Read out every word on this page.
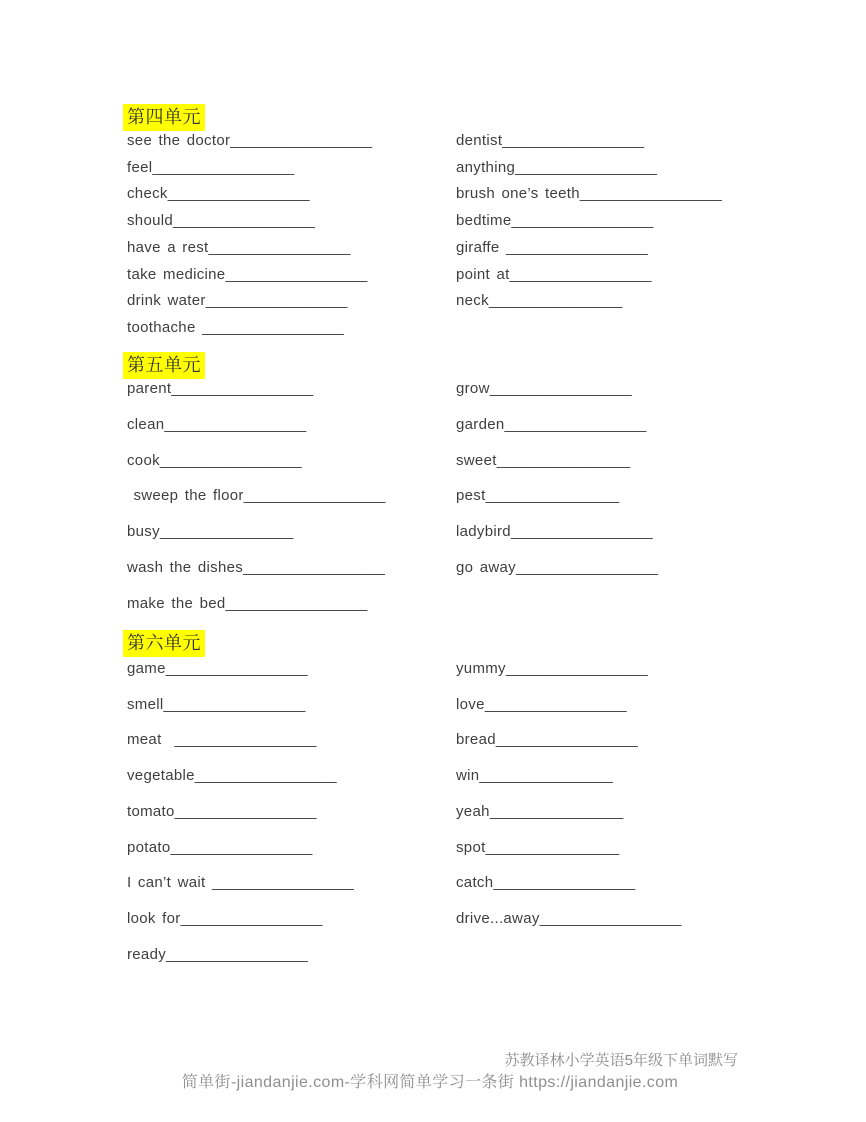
第四单元
see the doctor_________________
feel_________________
check_________________
should_________________
have a rest_________________
take medicine_________________
drink water_________________
toothache _________________
dentist_________________
anything_________________
brush one’s teeth_________________
bedtime_________________
giraffe _________________
point at_________________
neck________________
第五单元
parent_________________
clean_________________
cook_________________
sweep the floor_________________
busy________________
wash the dishes_________________
make the bed_________________
grow_________________
garden_________________
sweet________________
pest________________
ladybird_________________
go away_________________
第六单元
game_________________
smell_________________
meat  _________________
vegetable_________________
tomato_________________
potato_________________
I can’t wait _________________
look for_________________
ready_________________
yummy_________________
love_________________
bread_________________
win________________
yeah________________
spot________________
catch_________________
drive...away_________________
苏教译林小学英语5年级下单词默写
简单街-jiandanjie.com-学科网简单学习一条街 https://jiandanjie.com
